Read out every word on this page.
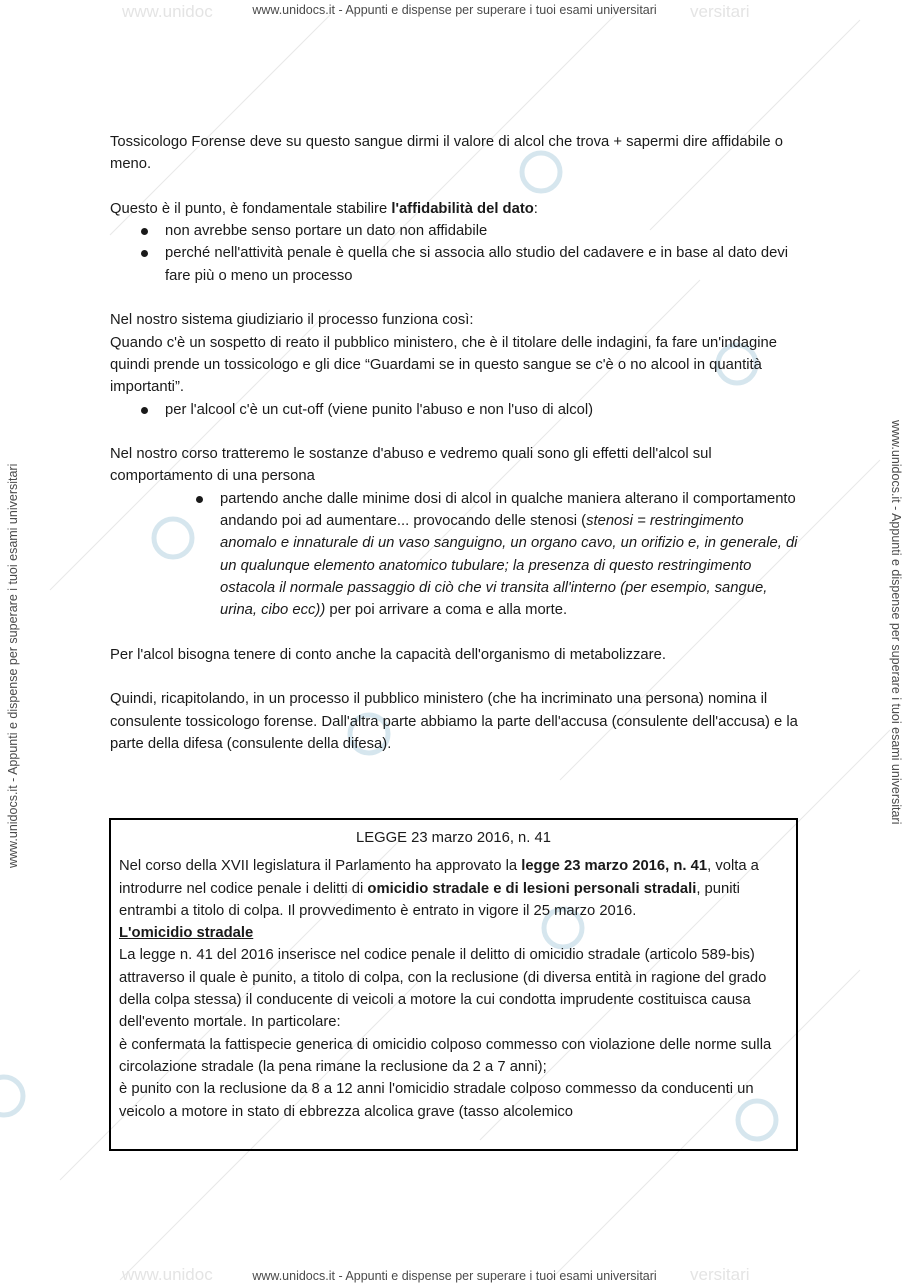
www.unidoc	versitari
www.unidocs.it - Appunti e dispense per superare i tuoi esami universitari
www.unidoc	versitari
www.unidocs.it - Appunti e dispense per superare i tuoi esami universitari
www.unidocs.it - Appunti e dispense per superare i tuoi esami universitari	www.unidocs.it - Appunti e dispense per superare i tuoi esami universitari

Tossicologo Forense deve su questo sangue dirmi il valore di alcol che trova + sapermi dire affidabile o meno.

Questo è il punto, è fondamentale stabilire l'affidabilità del dato:

non avrebbe senso portare un dato non affidabile

perché nell'attività penale è quella che si associa allo studio del cadavere e in base al dato devi fare più o meno un processo

Nel nostro sistema giudiziario il processo funziona così:

Quando c'è un sospetto di reato il pubblico ministero, che è il titolare delle indagini, fa fare un'indagine quindi prende un tossicologo e gli dice “Guardami se in questo sangue se c'è o no alcool in quantità importanti”.

per l'alcool c'è un cut-off (viene punito l'abuso e non l'uso di alcol)

Nel nostro corso tratteremo le sostanze d'abuso e vedremo quali sono gli effetti dell'alcol sul comportamento di una persona

partendo anche dalle minime dosi di alcol in qualche maniera alterano il comportamento andando poi ad aumentare... provocando delle stenosi (stenosi = restringimento anomalo e innaturale di un vaso sanguigno, un organo cavo, un orifizio e, in generale, di un qualunque elemento anatomico tubulare; la presenza di questo restringimento ostacola il normale passaggio di ciò che vi transita all'interno (per esempio, sangue, urina, cibo ecc)) per poi arrivare a coma e alla morte.

Per l'alcol bisogna tenere di conto anche la capacità dell'organismo di metabolizzare.

Quindi, ricapitolando, in un processo il pubblico ministero (che ha incriminato una persona) nomina il consulente tossicologo forense. Dall'altra parte abbiamo la parte dell'accusa (consulente dell'accusa) e la parte della difesa (consulente della difesa).

LEGGE 23 marzo 2016, n. 41

Nel corso della XVII legislatura il Parlamento ha approvato la legge 23 marzo 2016, n. 41, volta a introdurre nel codice penale i delitti di omicidio stradale e di lesioni personali stradali, puniti entrambi a titolo di colpa. Il provvedimento è entrato in vigore il 25 marzo 2016.

L'omicidio stradale

La legge n. 41 del 2016 inserisce nel codice penale il delitto di omicidio stradale (articolo 589-bis) attraverso il quale è punito, a titolo di colpa, con la reclusione (di diversa entità in ragione del grado della colpa stessa) il conducente di veicoli a motore la cui condotta imprudente costituisca causa dell'evento mortale. In particolare:

è confermata la fattispecie generica di omicidio colposo commesso con violazione delle norme sulla circolazione stradale (la pena rimane la reclusione da 2 a 7 anni);

è punito con la reclusione da 8 a 12 anni l'omicidio stradale colposo commesso da conducenti un veicolo a motore in stato di ebbrezza alcolica grave (tasso alcolemico
